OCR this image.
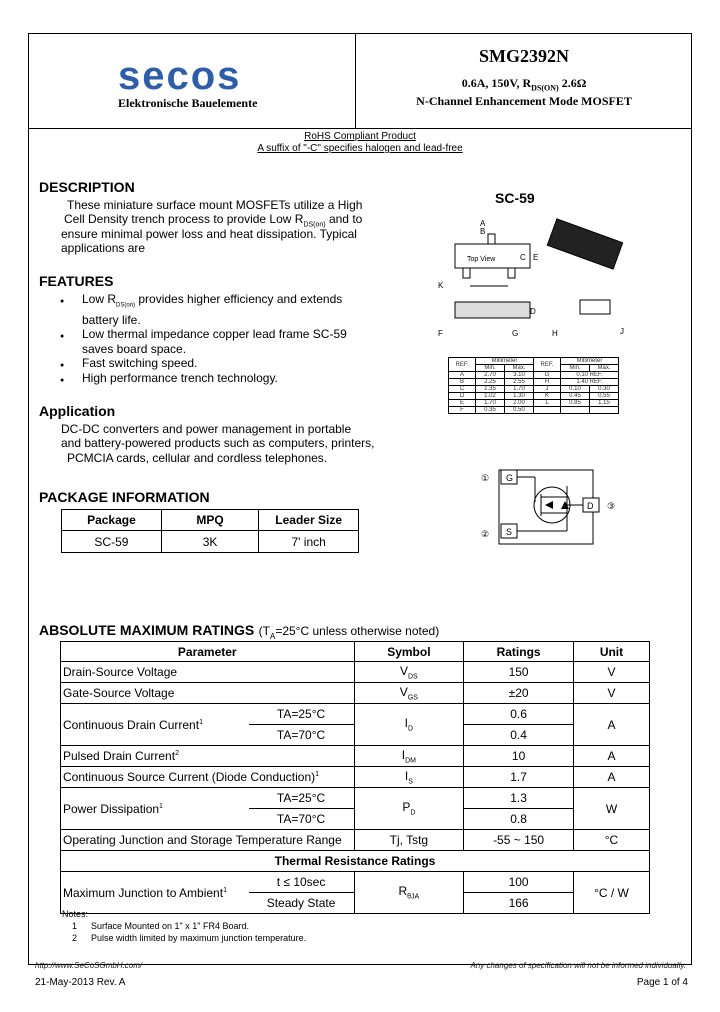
secos
Elektronische Bauelemente
SMG2392N
0.6A, 150V, $R_{DS(ON)}$ 2.6Ω
N-Channel Enhancement Mode MOSFET
RoHS Compliant Product
A suffix of "-C" specifies halogen and lead-free
DESCRIPTION
These miniature surface mount MOSFETs utilize a High
Cell Density trench process to provide Low $R_{DS(on)}$ and to
ensure minimal power loss and heat dissipation. Typical
applications are
FEATURES
● Low $R_{DS(on)}$ provides higher efficiency and extends
battery life.
● Low thermal impedance copper lead frame SC-59
saves board space.
● Fast switching speed.
● High performance trench technology.
Application
DC-DC converters and power management in portable
and battery-powered products such as computers, printers,
PCMCIA cards, cellular and cordless telephones.
PACKAGE INFORMATION
Package	MPQ	Leader Size
SC-59	3K	7' inch
SC-59
Top View
A
B
C
D
E
F	G	H	J
K
REF.	Millimeter		REF.	Millimeter	
	Min.	Max.		Min.	Max.
A	2.70	3.10	G	0.10 REF.	
B	2.25	2.55	H	1.40 REF.	
C	1.35	1.70	J	0.10	0.30
D	1.02	1.30	K	0.45	0.55
E	1.70	2.00	L	0.85	1.15
F	0.35	0.50			
G
S
D
①
②
③
ABSOLUTE MAXIMUM RATINGS ($T_A=25^\circ C$ unless otherwise noted)
Parameter		Symbol	Ratings	Unit
Drain-Source Voltage		$V_{DS}$	150	V
Gate-Source Voltage		$V_{GS}$	±20	V
Continuous Drain Current$^1$	TA=25°C	$I_D$	0.6	A
	TA=70°C		0.4	
Pulsed Drain Current$^2$		$I_{DM}$	10	A
Continuous Source Current (Diode Conduction)$^1$		$I_S$	1.7	A
Power Dissipation$^1$	TA=25°C	$P_D$	1.3	W
	TA=70°C		0.8	
Operating Junction and Storage Temperature Range		Tj, Tstg	-55 ~ 150	°C
Thermal Resistance Ratings				
Maximum Junction to Ambient$^1$	t ≤ 10sec	$R_{\theta JA}$	100	°C / W
	Steady State		166	
Notes:
1 Surface Mounted on 1" x 1" FR4 Board.
2 Pulse width limited by maximum junction temperature.
http://www.SeCoSGmbH.com/	Any changes of specification will not be informed individually.
21-May-2013 Rev. A	Page 1 of 4
